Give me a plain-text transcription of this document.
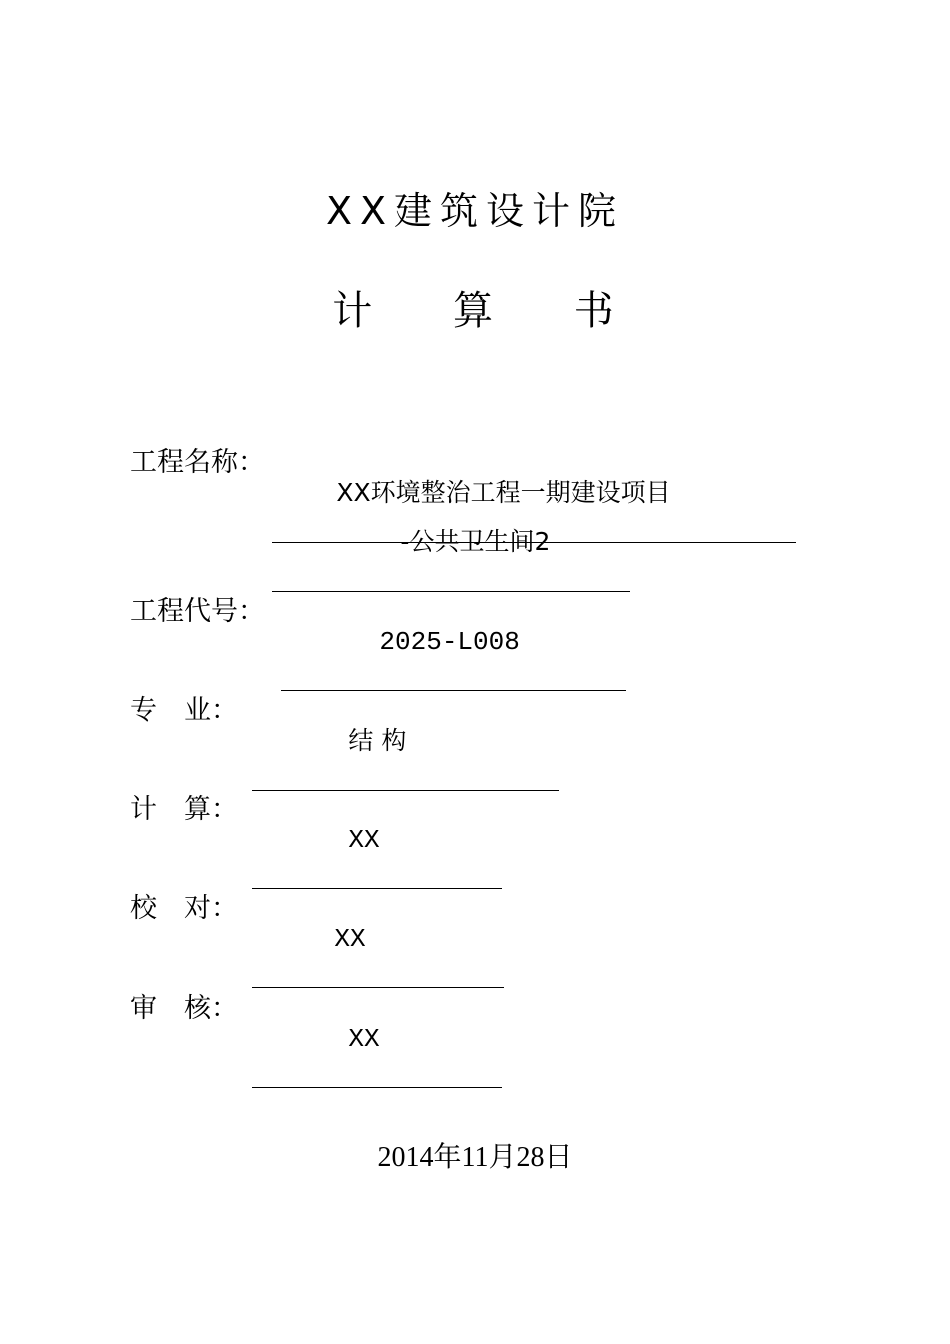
XX建筑设计院
计 算 书
工程名称：

XX环境整治工程一期建设项目

-公共卫生间2

工程代号：

2025-L008

专    业：

结 构

计    算：

XX

校    对：

XX

审    核：

XX

2014年11月28日
